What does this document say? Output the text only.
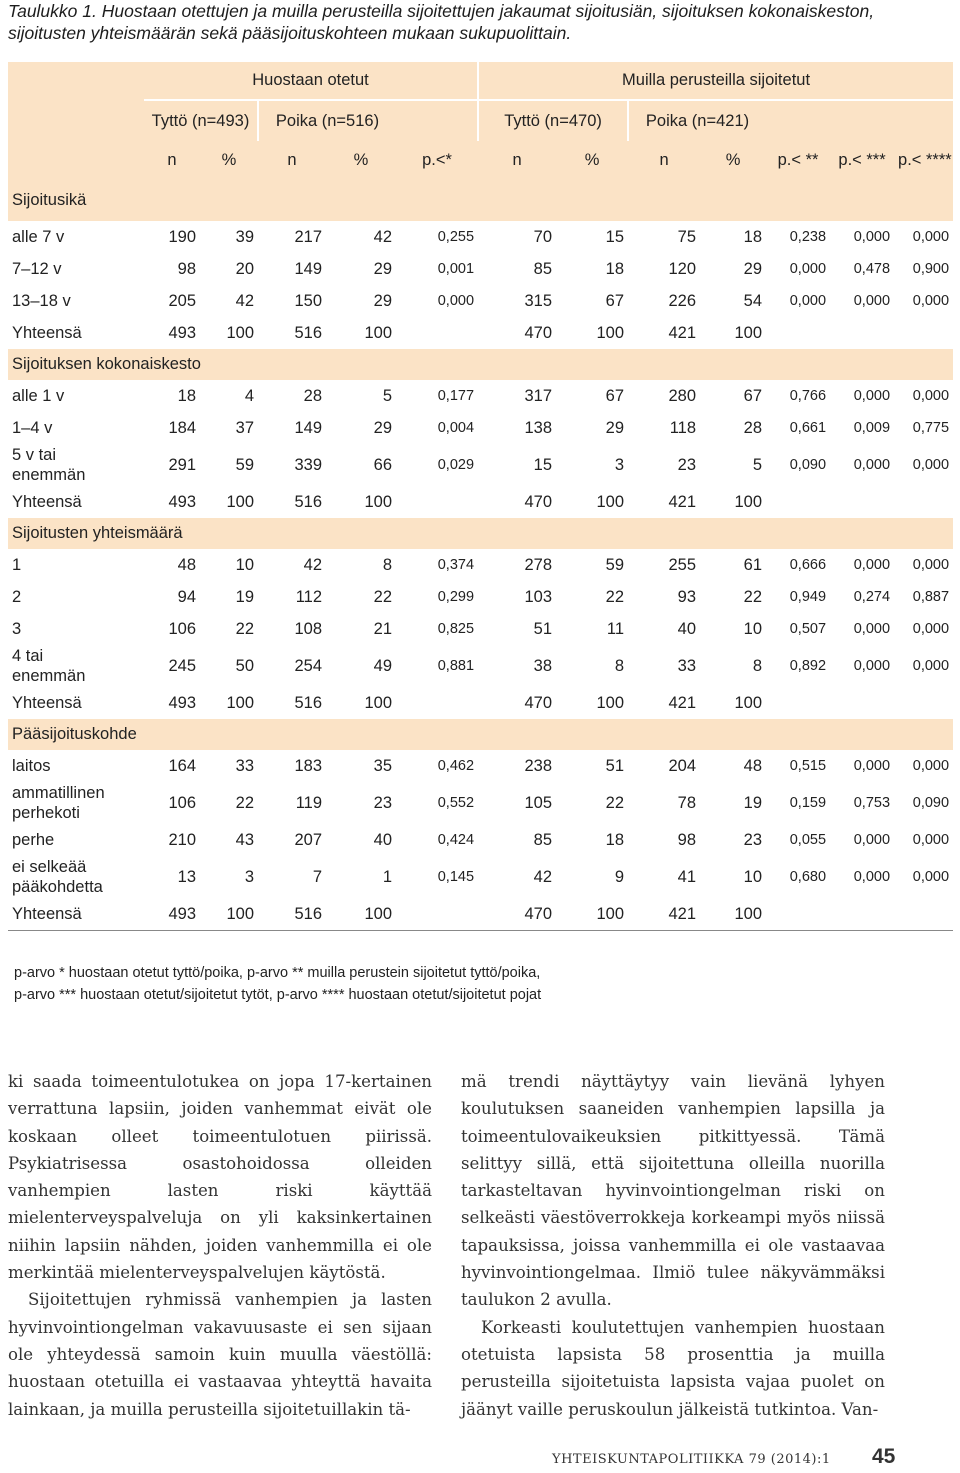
Taulukko 1. Huostaan otettujen ja muilla perusteilla sijoitettujen jakaumat sijoitusiän, sijoituksen kokonaiskeston, sijoitusten yhteismäärän sekä pääsijoituskohteen mukaan sukupuolittain.
	Huostaan otetut					Muilla perusteilla sijoitetut						
	Tyttö (n=493)		Poika (n=516)			Tyttö (n=470)		Poika (n=421)				
	n	%	n	%	p.<*	n	%	n	%	p.< **	p.< ***	p.< ****
Sijoitusikä												

alle 7 v	190	39	217	42	0,255	70	15	75	18	0,238	0,000	0,000

7–12 v	98	20	149	29	0,001	85	18	120	29	0,000	0,478	0,900

13–18 v	205	42	150	29	0,000	315	67	226	54	0,000	0,000	0,000

Yhteensä	493	100	516	100		470	100	421	100			
Sijoituksen kokonaiskesto												

alle 1 v	18	4	28	5	0,177	317	67	280	67	0,766	0,000	0,000

1–4 v	184	37	149	29	0,004	138	29	118	28	0,661	0,009	0,775

5 v tai
enemmän	291	59	339	66	0,029	15	3	23	5	0,090	0,000	0,000

Yhteensä	493	100	516	100		470	100	421	100			
Sijoitusten yhteismäärä												

1	48	10	42	8	0,374	278	59	255	61	0,666	0,000	0,000

2	94	19	112	22	0,299	103	22	93	22	0,949	0,274	0,887

3	106	22	108	21	0,825	51	11	40	10	0,507	0,000	0,000

4 tai
enemmän	245	50	254	49	0,881	38	8	33	8	0,892	0,000	0,000

Yhteensä	493	100	516	100		470	100	421	100			
Pääsijoituskohde												

laitos	164	33	183	35	0,462	238	51	204	48	0,515	0,000	0,000

ammatillinen
perhekoti	106	22	119	23	0,552	105	22	78	19	0,159	0,753	0,090

perhe	210	43	207	40	0,424	85	18	98	23	0,055	0,000	0,000

ei selkeää
pääkohdetta	13	3	7	1	0,145	42	9	41	10	0,680	0,000	0,000

Yhteensä	493	100	516	100		470	100	421	100			
p-arvo * huostaan otetut tyttö/poika, p-arvo ** muilla perustein sijoitetut tyttö/poika,
p-arvo *** huostaan otetut/sijoitetut tytöt, p-arvo **** huostaan otetut/sijoitetut pojat

ki saada toimeentulotukea on jopa 17-kertainen verrattuna lapsiin, joiden vanhemmat eivät ole koskaan olleet toimeentulotuen piirissä. Psykiatrisessa osastohoidossa olleiden vanhempien lasten riski käyttää mielenterveyspalveluja on yli kaksinkertainen niihin lapsiin nähden, joiden vanhemmilla ei ole merkintää mielenterveyspalvelujen käytöstä.

Sijoitettujen ryhmissä vanhempien ja lasten hyvinvointiongelman vakavuusaste ei sen sijaan ole yhteydessä samoin kuin muulla väestöllä: huostaan otetuilla ei vastaavaa yhteyttä havaita lainkaan, ja muilla perusteilla sijoitetuillakin tä-

mä trendi näyttäytyy vain lievänä lyhyen koulutuksen saaneiden vanhempien lapsilla ja toimeentulovaikeuksien pitkittyessä. Tämä selittyy sillä, että sijoitettuna olleilla nuorilla tarkasteltavan hyvinvointiongelman riski on selkeästi väestöverrokkeja korkeampi myös niissä tapauksissa, joissa vanhemmilla ei ole vastaavaa hyvinvointiongelmaa. Ilmiö tulee näkyvämmäksi taulukon 2 avulla.

Korkeasti koulutettujen vanhempien huostaan otetuista lapsista 58 prosenttia ja muilla perusteilla sijoitetuista lapsista vajaa puolet on jäänyt vaille peruskoulun jälkeistä tutkintoa. Van-

YHTEISKUNTAPOLITIIKKA 79 (2014):1 45
